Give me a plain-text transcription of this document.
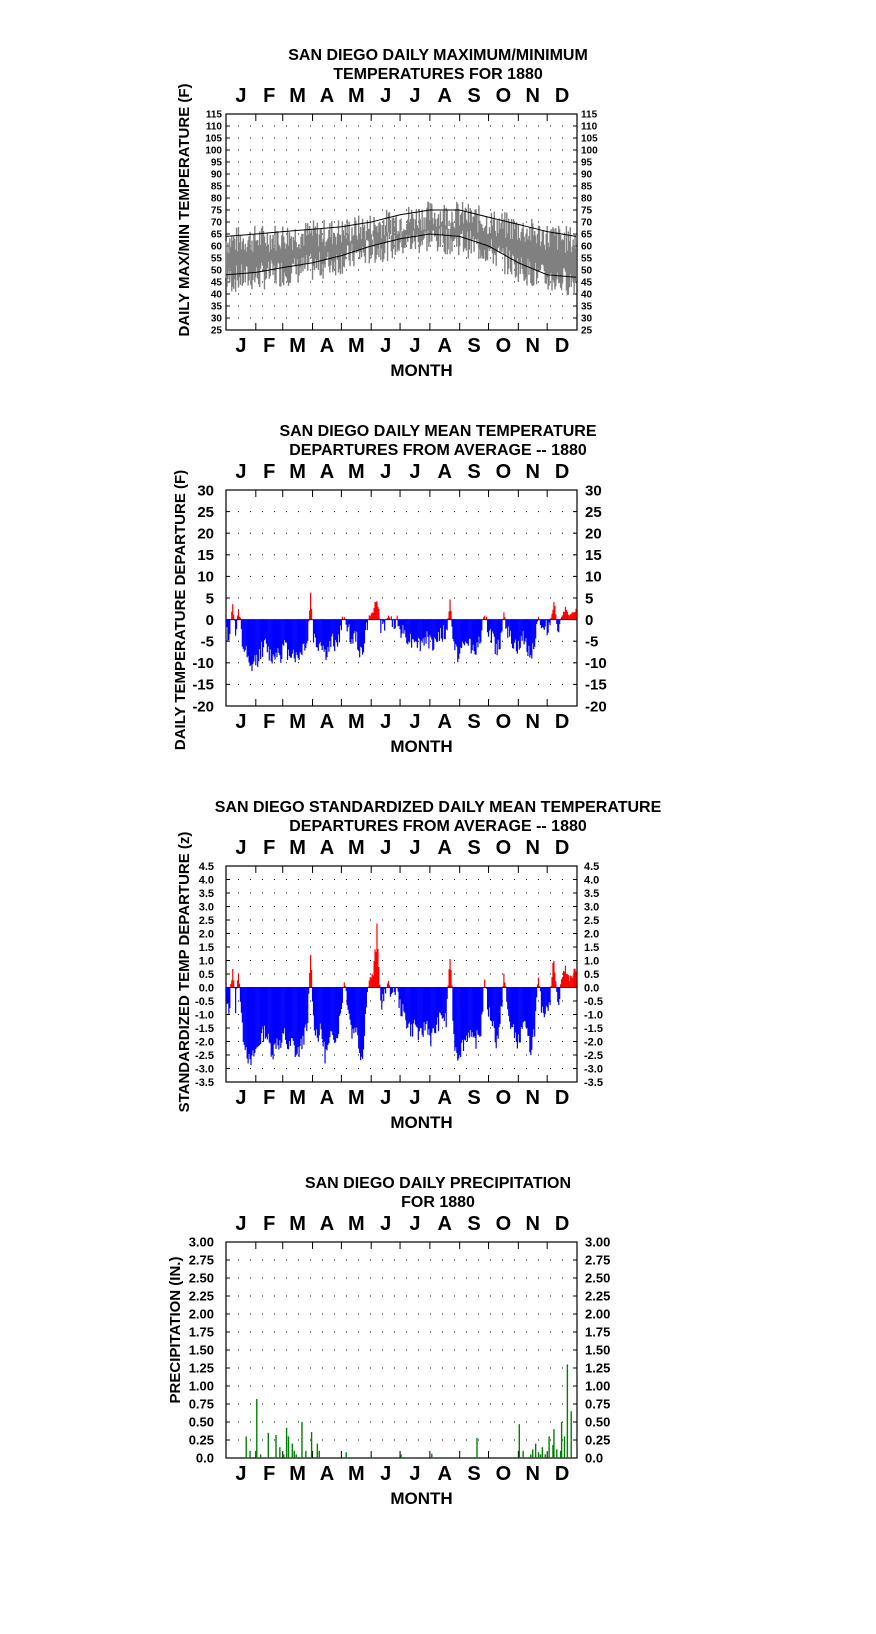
SAN DIEGO DAILY MAXIMUM/MINIMUM
TEMPERATURES FOR 1880
115	115
110	110
105	105
100	100
95	95
90	90
85	85
80	80
75	75
70	70
65	65
60	60
55	55
50	50
45	45
40	40
35	35
30	30
25	25
J
J
F
F
M
M
A
A
M
M
J
J
J
J
A
A
S
S
O
O
N
N
D
D
MONTH
DAILY MAX/MIN TEMPERATURE (F)
SAN DIEGO DAILY MEAN TEMPERATURE
DEPARTURES FROM AVERAGE -- 1880
30	30
25	25
20	20
15	15
10	10
5	5
0	0
-5	-5
-10	-10
-15	-15
-20	-20
J
J
F
F
M
M
A
A
M
M
J
J
J
J
A
A
S
S
O
O
N
N
D
D
MONTH
DAILY TEMPERATURE DEPARTURE (F)
SAN DIEGO STANDARDIZED DAILY MEAN TEMPERATURE
DEPARTURES FROM AVERAGE -- 1880
4.5	4.5
4.0	4.0
3.5	3.5
3.0	3.0
2.5	2.5
2.0	2.0
1.5	1.5
1.0	1.0
0.5	0.5
0.0	0.0
-0.5	-0.5
-1.0	-1.0
-1.5	-1.5
-2.0	-2.0
-2.5	-2.5
-3.0	-3.0
-3.5	-3.5
J
J
F
F
M
M
A
A
M
M
J
J
J
J
A
A
S
S
O
O
N
N
D
D
MONTH
STANDARDIZED TEMP DEPARTURE (z)
SAN DIEGO DAILY PRECIPITATION
FOR 1880
3.00	3.00
2.75	2.75
2.50	2.50
2.25	2.25
2.00	2.00
1.75	1.75
1.50	1.50
1.25	1.25
1.00	1.00
0.75	0.75
0.50	0.50
0.25	0.25
0.0	0.0
J
J
F
F
M
M
A
A
M
M
J
J
J
J
A
A
S
S
O
O
N
N
D
D
MONTH
PRECIPITATION (IN.)
